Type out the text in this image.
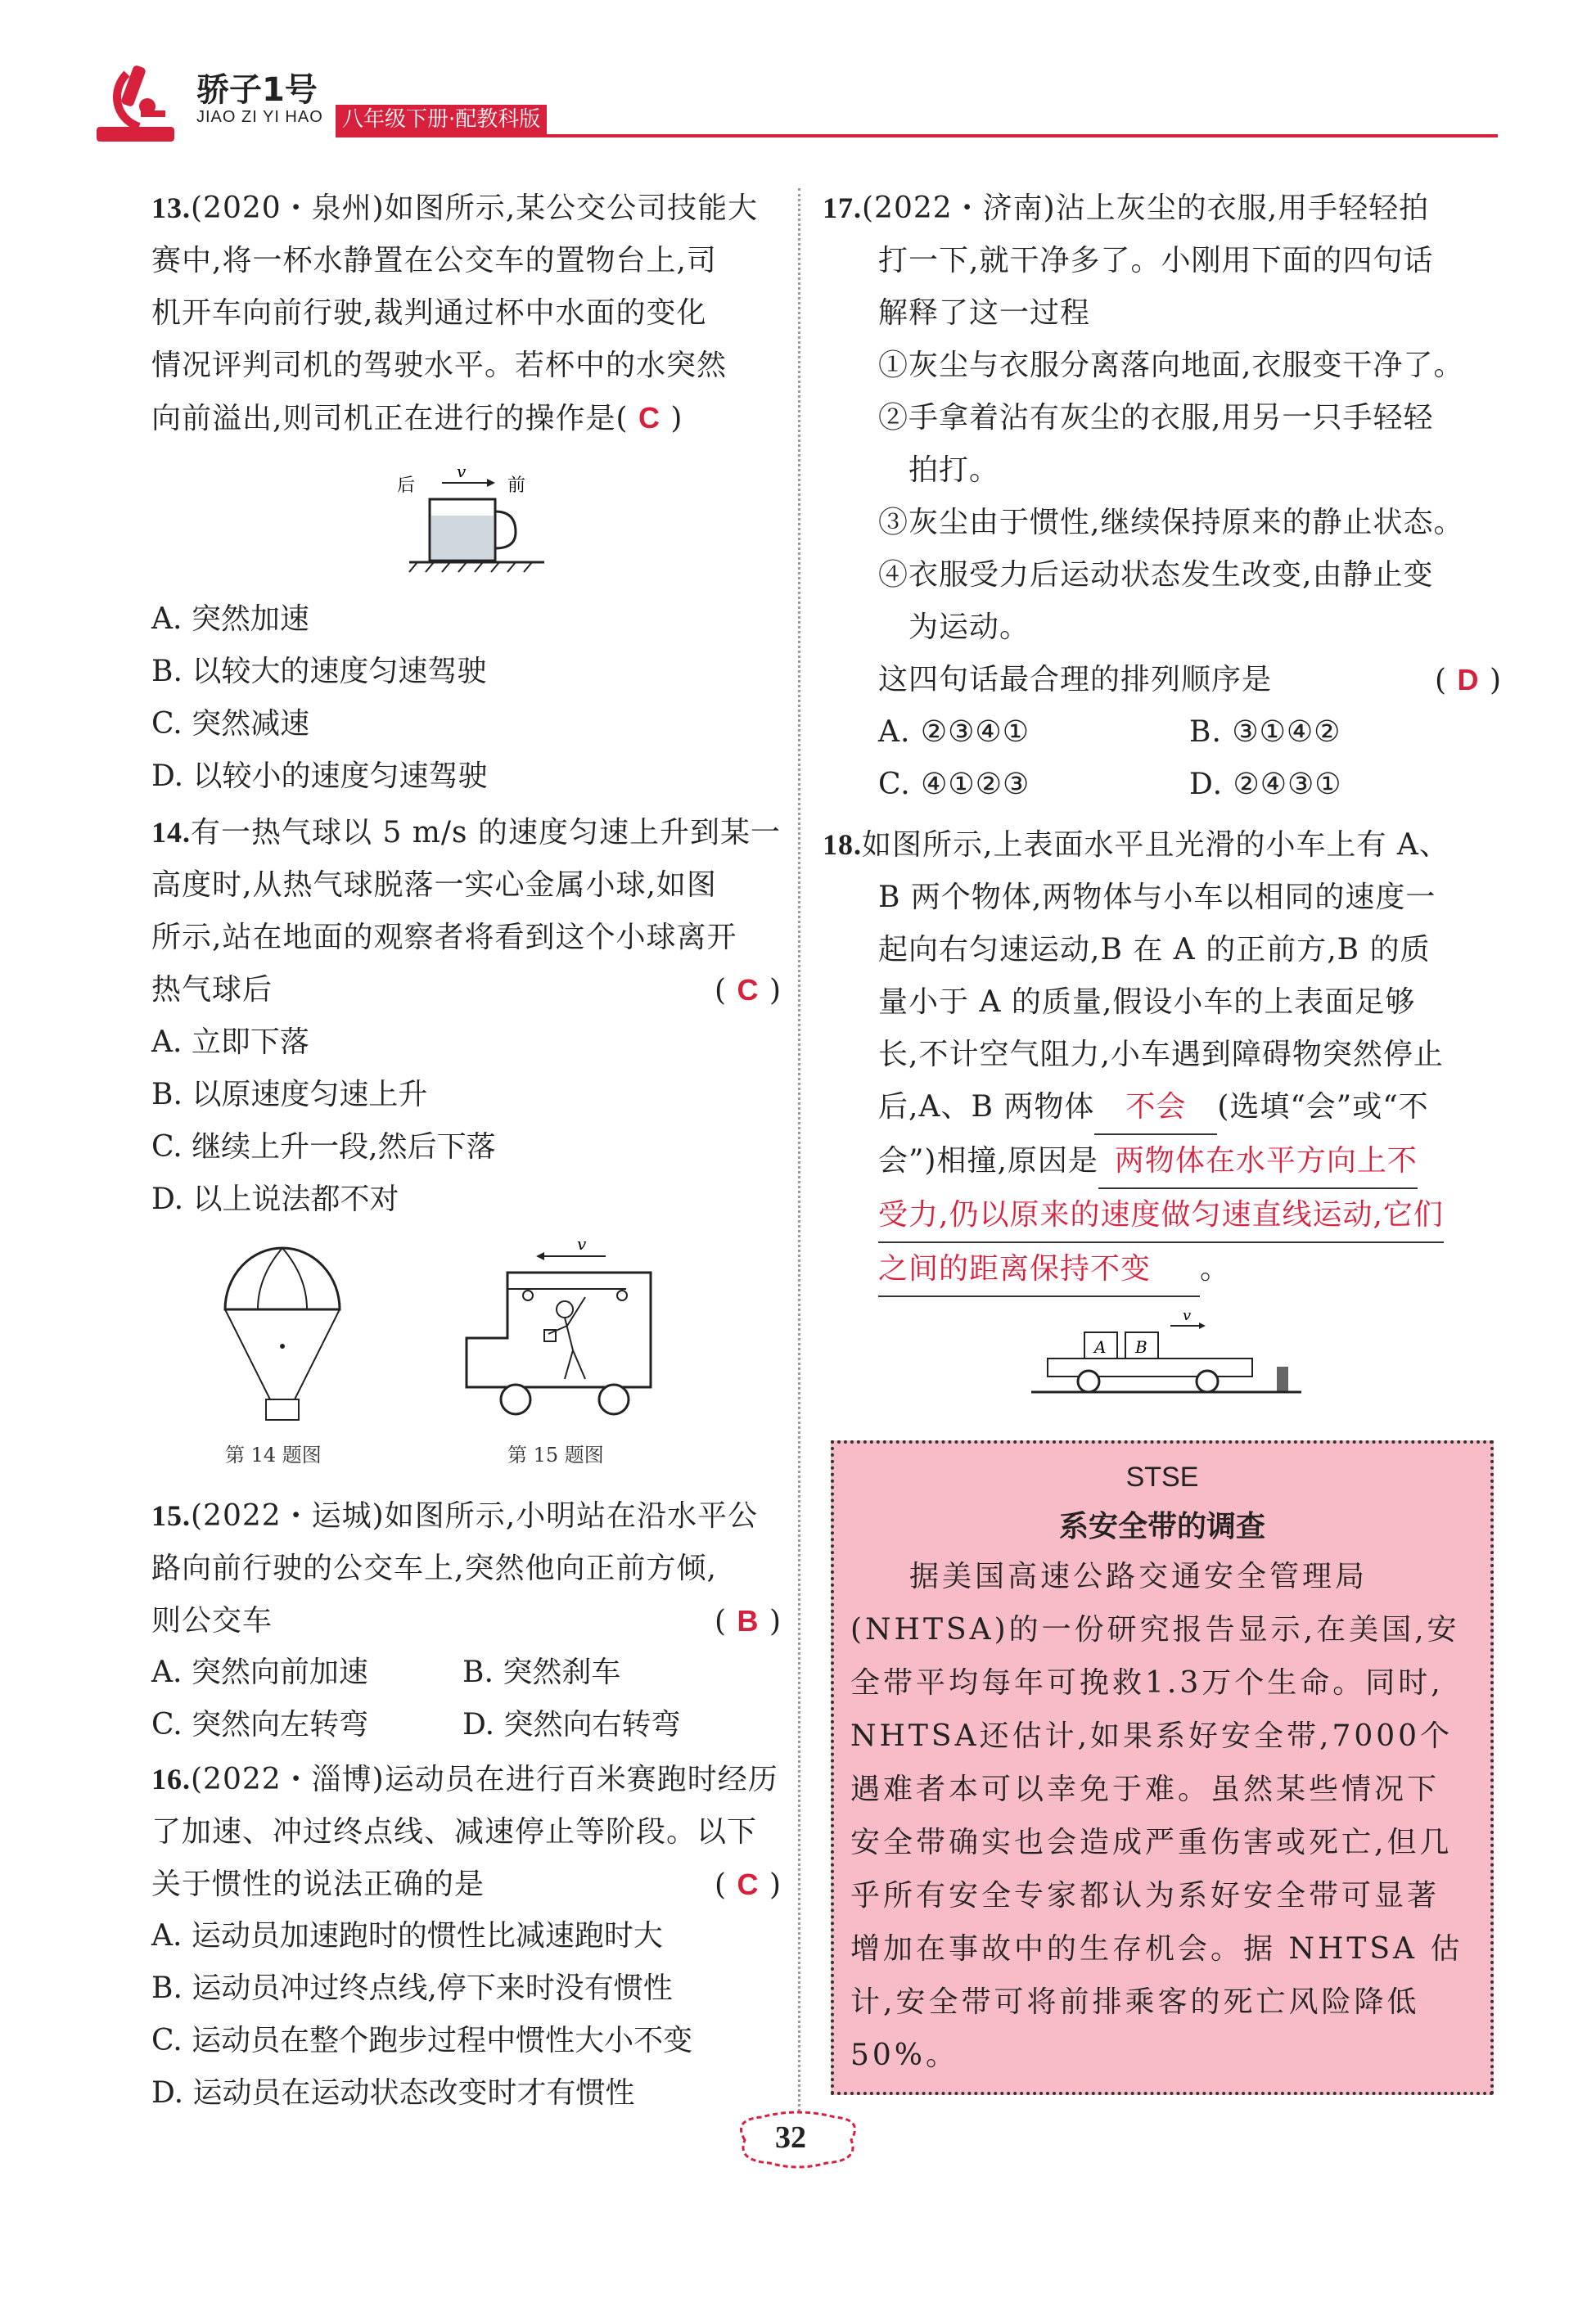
骄子1号
JIAO ZI YI HAO 八年级下册·配教科版

13.(2020・泉州)如图所示,某公交公司技能大

赛中,将一杯水静置在公交车的置物台上,司

机开车向前行驶,裁判通过杯中水面的变化

情况评判司机的驾驶水平。若杯中的水突然

向前溢出,则司机正在进行的操作是( C )

后	前
v
A. 突然加速
B. 以较大的速度匀速驾驶
C. 突然减速
D. 以较小的速度匀速驾驶

14.有一热气球以 5 m/s 的速度匀速上升到某一

高度时,从热气球脱落一实心金属小球,如图

所示,站在地面的观察者将看到这个小球离开

热气球后	( C )

A. 立即下落
B. 以原速度匀速上升
C. 继续上升一段,然后下落
D. 以上说法都不对
第 14 题图
v
第 15 题图

15.(2022・运城)如图所示,小明站在沿水平公

路向前行驶的公交车上,突然他向正前方倾,

则公交车	( B )

A. 突然向前加速	B. 突然刹车
C. 突然向左转弯	D. 突然向右转弯

16.(2022・淄博)运动员在进行百米赛跑时经历

了加速、冲过终点线、减速停止等阶段。以下

关于惯性的说法正确的是	( C )

A. 运动员加速跑时的惯性比减速跑时大
B. 运动员冲过终点线,停下来时没有惯性
C. 运动员在整个跑步过程中惯性大小不变
D. 运动员在运动状态改变时才有惯性

17.(2022・济南)沾上灰尘的衣服,用手轻轻拍

打一下,就干净多了。小刚用下面的四句话

解释了这一过程

①灰尘与衣服分离落向地面,衣服变干净了。

②手拿着沾有灰尘的衣服,用另一只手轻轻

拍打。

③灰尘由于惯性,继续保持原来的静止状态。

④衣服受力后运动状态发生改变,由静止变

为运动。

这四句话最合理的排列顺序是	( D )

A. ②③④①	B. ③①④②
C. ④①②③	D. ②④③①

18.如图所示,上表面水平且光滑的小车上有 A、

B 两个物体,两物体与小车以相同的速度一

起向右匀速运动,B 在 A 的正前方,B 的质

量小于 A 的质量,假设小车的上表面足够

长,不计空气阻力,小车遇到障碍物突然停止

后,A、B 两物体 不会 (选填“会”或“不

会”)相撞,原因是 两物体在水平方向上不

受力,仍以原来的速度做匀速直线运动,它们

之间的距离保持不变 。

v
A B
STSE
系安全带的调查
据美国高速公路交通安全管理局
(NHTSA)的一份研究报告显示,在美国,安
全带平均每年可挽救1.3万个生命。同时,
NHTSA还估计,如果系好安全带,7000个
遇难者本可以幸免于难。虽然某些情况下
安全带确实也会造成严重伤害或死亡,但几
乎所有安全专家都认为系好安全带可显著
增加在事故中的生存机会。据 NHTSA 估
计,安全带可将前排乘客的死亡风险降低
50%。
32
